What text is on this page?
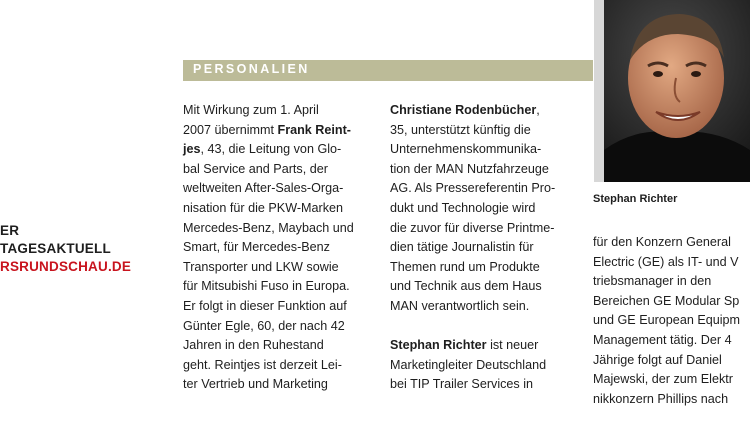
ER
TAGESAKTUELL
RSRUNDSCHAU.DE
PERSONALIEN
Stephan Richter
Mit Wirkung zum 1. April
2007 übernimmt Frank Reint-
jes, 43, die Leitung von Glo-
bal Service and Parts, der
weltweiten After-Sales-Orga-
nisation für die PKW-Marken
Mercedes-Benz, Maybach und
Smart, für Mercedes-Benz
Transporter und LKW sowie
für Mitsubishi Fuso in Europa.
Er folgt in dieser Funktion auf
Günter Egle, 60, der nach 42
Jahren in den Ruhestand
geht. Reintjes ist derzeit Lei-
ter Vertrieb und Marketing
Christiane Rodenbücher,
35, unterstützt künftig die
Unternehmenskommunika-
tion der MAN Nutzfahrzeuge
AG. Als Pressereferentin Pro-
dukt und Technologie wird
die zuvor für diverse Printme-
dien tätige Journalistin für
Themen rund um Produkte
und Technik aus dem Haus
MAN verantwortlich sein.

Stephan Richter ist neuer
Marketingleiter Deutschland
bei TIP Trailer Services in
für den Konzern General
Electric (GE) als IT- und V
triebsmanager in den
Bereichen GE Modular Sp
und GE European Equipm
Management tätig. Der 4
Jährige folgt auf Daniel
Majewski, der zum Elektr
nikkonzern Phillips nach
